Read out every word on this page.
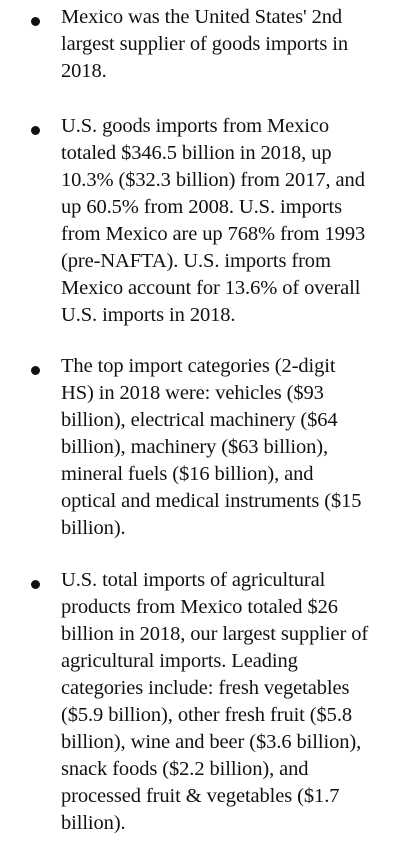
Mexico was the United States' 2nd
largest supplier of goods imports in
2018.

U.S. goods imports from Mexico
totaled $346.5 billion in 2018, up
10.3% ($32.3 billion) from 2017, and
up 60.5% from 2008. U.S. imports
from Mexico are up 768% from 1993
(pre-NAFTA). U.S. imports from
Mexico account for 13.6% of overall
U.S. imports in 2018.

The top import categories (2-digit
HS) in 2018 were: vehicles ($93
billion), electrical machinery ($64
billion), machinery ($63 billion),
mineral fuels ($16 billion), and
optical and medical instruments ($15
billion).

U.S. total imports of agricultural
products from Mexico totaled $26
billion in 2018, our largest supplier of
agricultural imports. Leading
categories include: fresh vegetables
($5.9 billion), other fresh fruit ($5.8
billion), wine and beer ($3.6 billion),
snack foods ($2.2 billion), and
processed fruit & vegetables ($1.7
billion).
